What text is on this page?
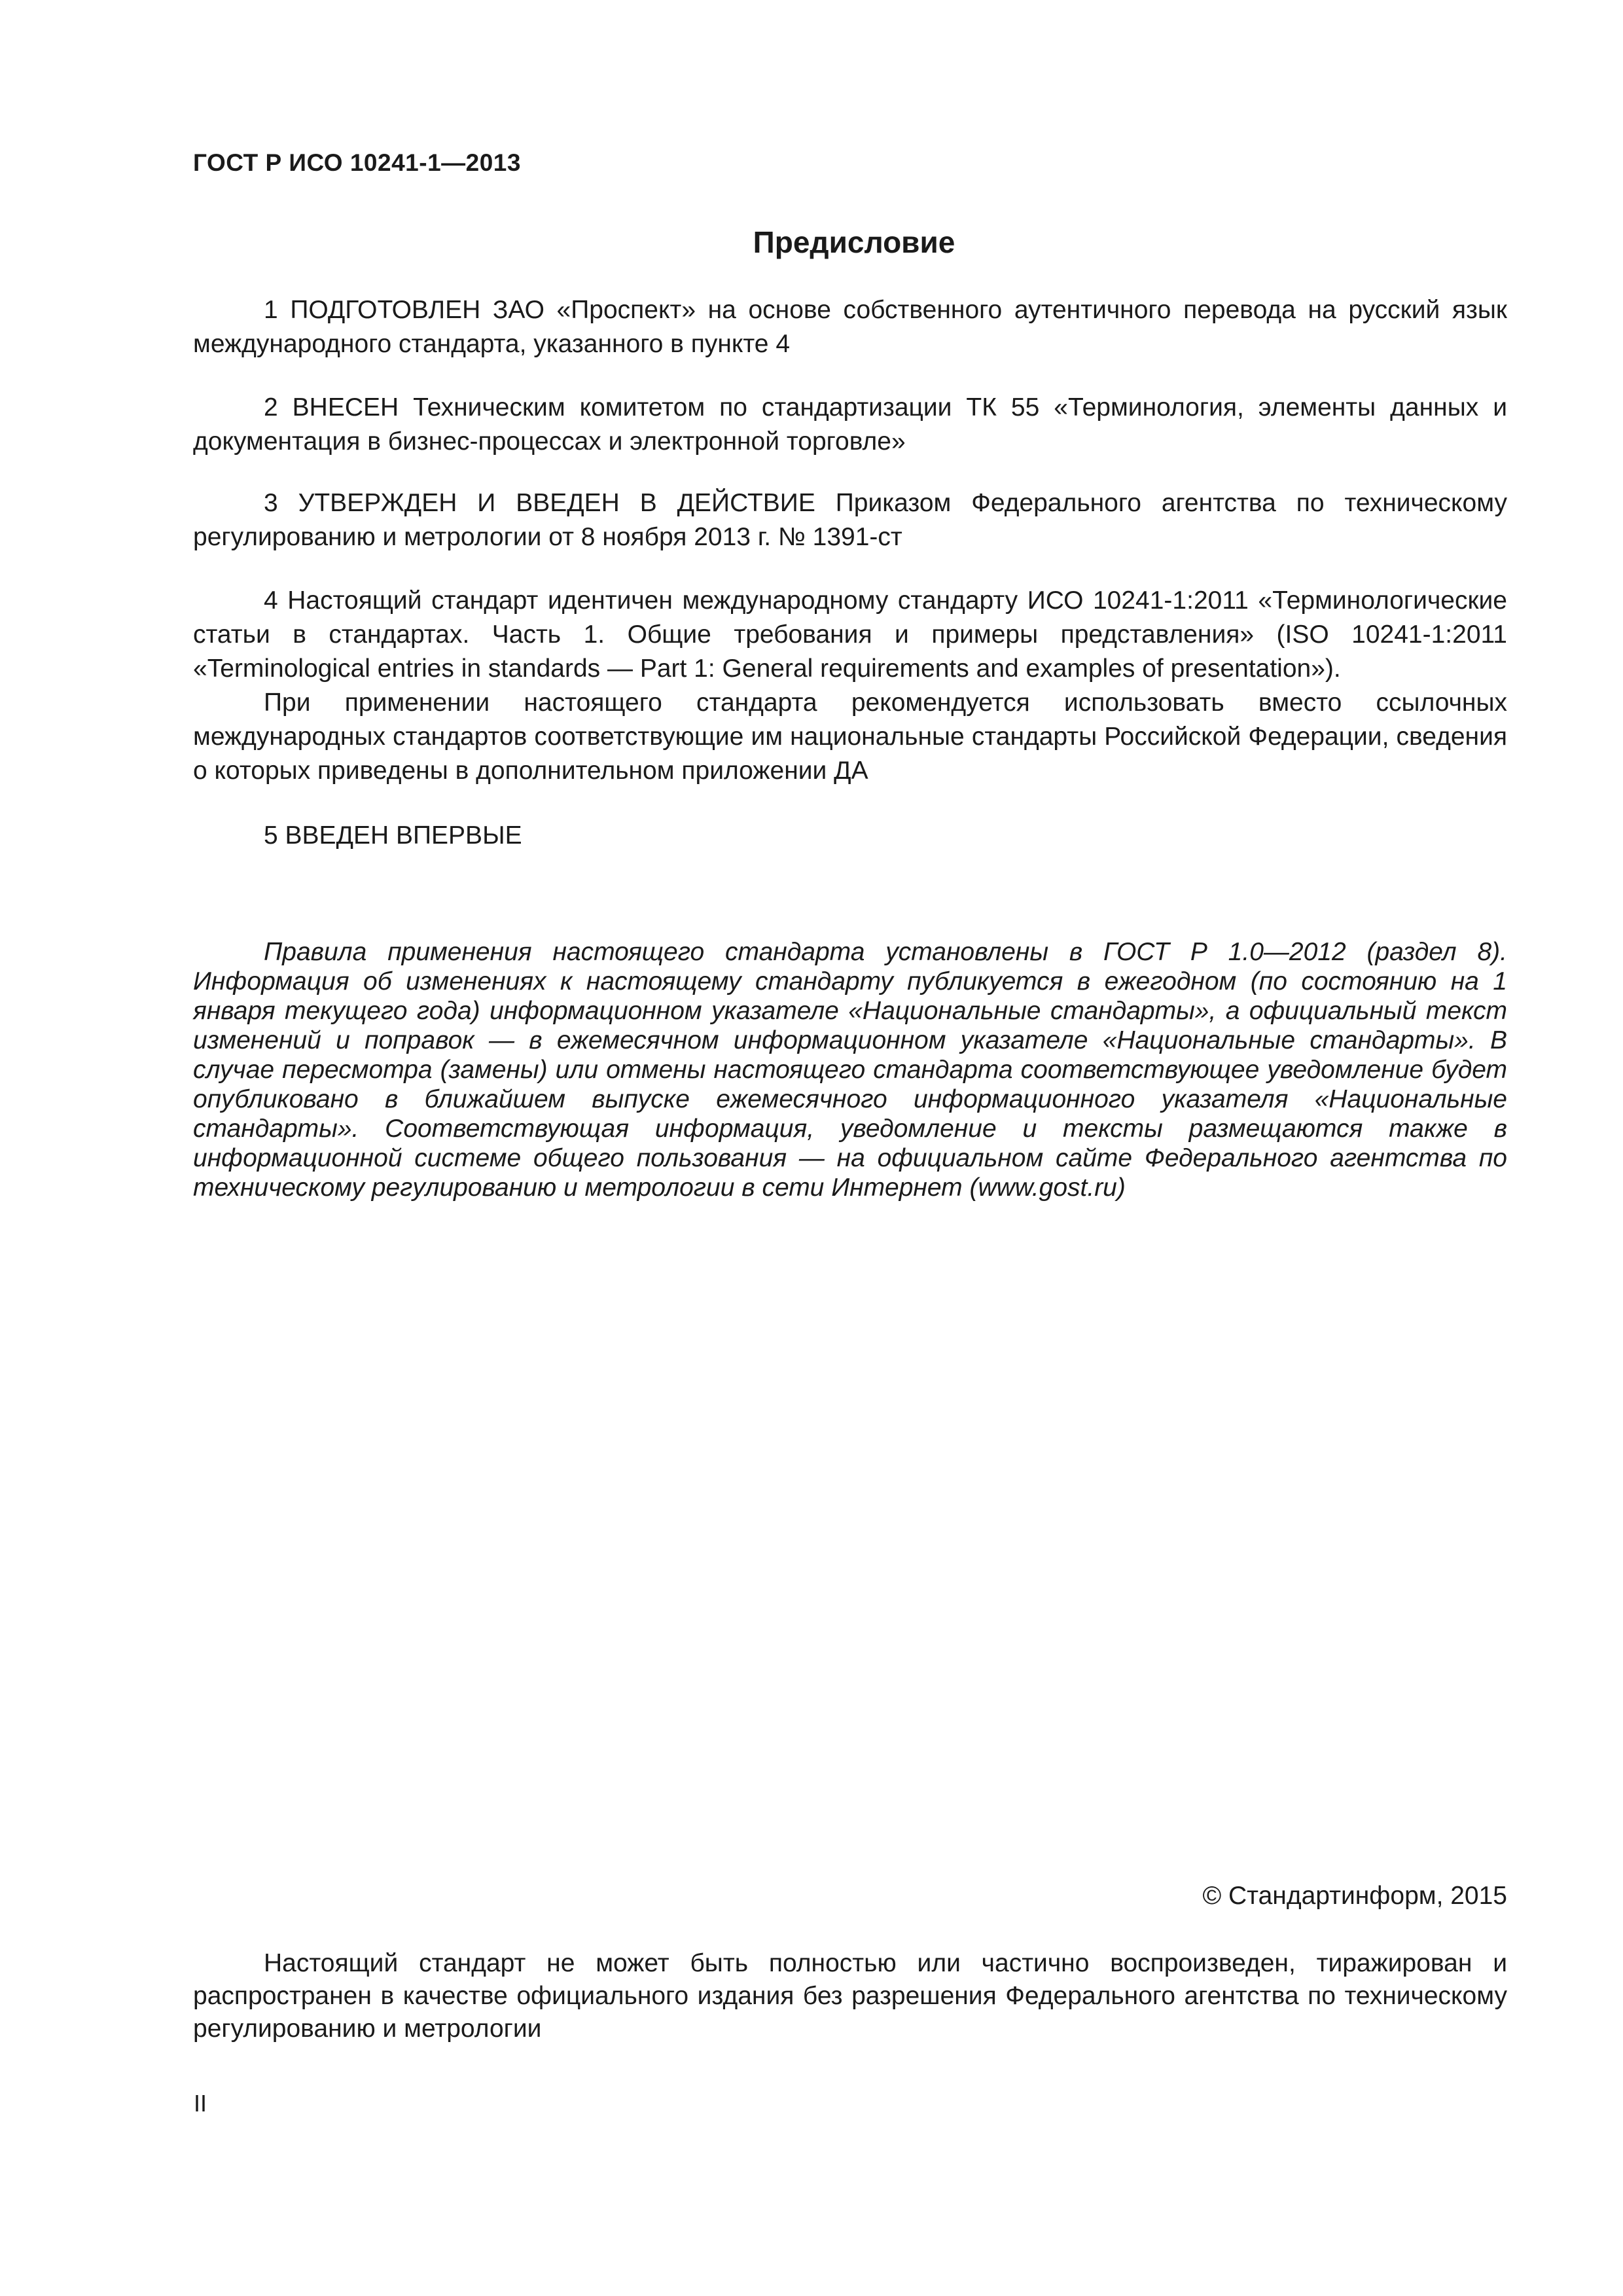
ГОСТ Р ИСО 10241-1—2013
Предисловие

1 ПОДГОТОВЛЕН ЗАО «Проспект» на основе собственного аутентичного перевода на русский язык международного стандарта, указанного в пункте 4

2 ВНЕСЕН Техническим комитетом по стандартизации ТК 55 «Терминология, элементы данных и документация в бизнес-процессах и электронной торговле»

3 УТВЕРЖДЕН И ВВЕДЕН В ДЕЙСТВИЕ Приказом Федерального агентства по техническому регулированию и метрологии от 8 ноября 2013 г. № 1391-ст

4 Настоящий стандарт идентичен международному стандарту ИСО 10241-1:2011 «Терминологические статьи в стандартах. Часть 1. Общие требования и примеры представления» (ISO 10241-1:2011 «Terminological entries in standards — Part 1: General requirements and examples of presentation»).

При применении настоящего стандарта рекомендуется использовать вместо ссылочных международных стандартов соответствующие им национальные стандарты Российской Федерации, сведения о которых приведены в дополнительном приложении ДА

5 ВВЕДЕН ВПЕРВЫЕ

Правила применения настоящего стандарта установлены в ГОСТ Р 1.0—2012 (раздел 8). Информация об изменениях к настоящему стандарту публикуется в ежегодном (по состоянию на 1 января текущего года) информационном указателе «Национальные стандарты», а официальный текст изменений и поправок — в ежемесячном информационном указателе «Национальные стандарты». В случае пересмотра (замены) или отмены настоящего стандарта соответствующее уведомление будет опубликовано в ближайшем выпуске ежемесячного информационного указателя «Национальные стандарты». Соответствующая информация, уведомление и тексты размещаются также в информационной системе общего пользования — на официальном сайте Федерального агентства по техническому регулированию и метрологии в сети Интернет (www.gost.ru)

© Стандартинформ, 2015

Настоящий стандарт не может быть полностью или частично воспроизведен, тиражирован и распространен в качестве официального издания без разрешения Федерального агентства по техническому регулированию и метрологии

II
